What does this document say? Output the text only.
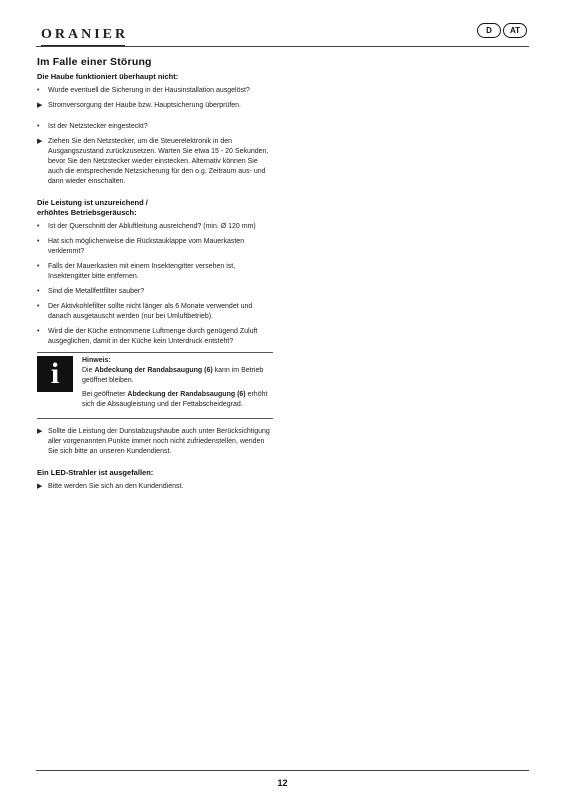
ORANIER	D	AT
Im Falle einer Störung
Die Haube funktioniert überhaupt nicht:
• Wurde eventuell die Sicherung in der Hausinstallation ausgelöst?
▶ Stromversorgung der Haube bzw. Hauptsicherung überprüfen.
• Ist der Netzstecker eingesteckt?
▶ Ziehen Sie den Netzstecker, um die Steuerelektronik in den Ausgangszustand zurückzusetzen. Warten Sie etwa 15 - 20 Sekunden, bevor Sie den Netzstecker wieder einstecken. Alternativ können Sie auch die entsprechende Netzsicherung für den o.g. Zeitraum aus- und dann wieder einschalten.
Die Leistung ist unzureichend /
erhöhtes Betriebsgeräusch:
• Ist der Querschnitt der Abluftleitung ausreichend? (min. Ø 120 mm)
• Hat sich möglicherweise die Rückstauklappe vom Mauerkasten verklemmt?
• Falls der Mauerkasten mit einem Insektengitter versehen ist, Insektengitter bitte entfernen.
• Sind die Metallfettfilter sauber?
• Der Aktivkohlefilter sollte nicht länger als 6 Monate verwendet und danach ausgetauscht werden (nur bei Umluftbetrieb).
• Wird die der Küche entnommene Luftmenge durch genügend Zuluft ausgeglichen, damit in der Küche kein Unterdruck entsteht?
i	Hinweis:
Die Abdeckung der Randabsaugung (6) kann im Betrieb geöffnet bleiben.

Bei geöffneter Abdeckung der Randabsaugung (6) erhöht sich die Absaugleistung und der Fettabscheidegrad.

▶ Sollte die Leistung der Dunstabzugshaube auch unter Berücksichtigung aller vorgenannten Punkte immer noch nicht zufriedenstellen, wenden Sie sich bitte an unseren Kundendienst.
Ein LED-Strahler ist ausgefallen:
▶ Bitte werden Sie sich an den Kundendienst.
12
